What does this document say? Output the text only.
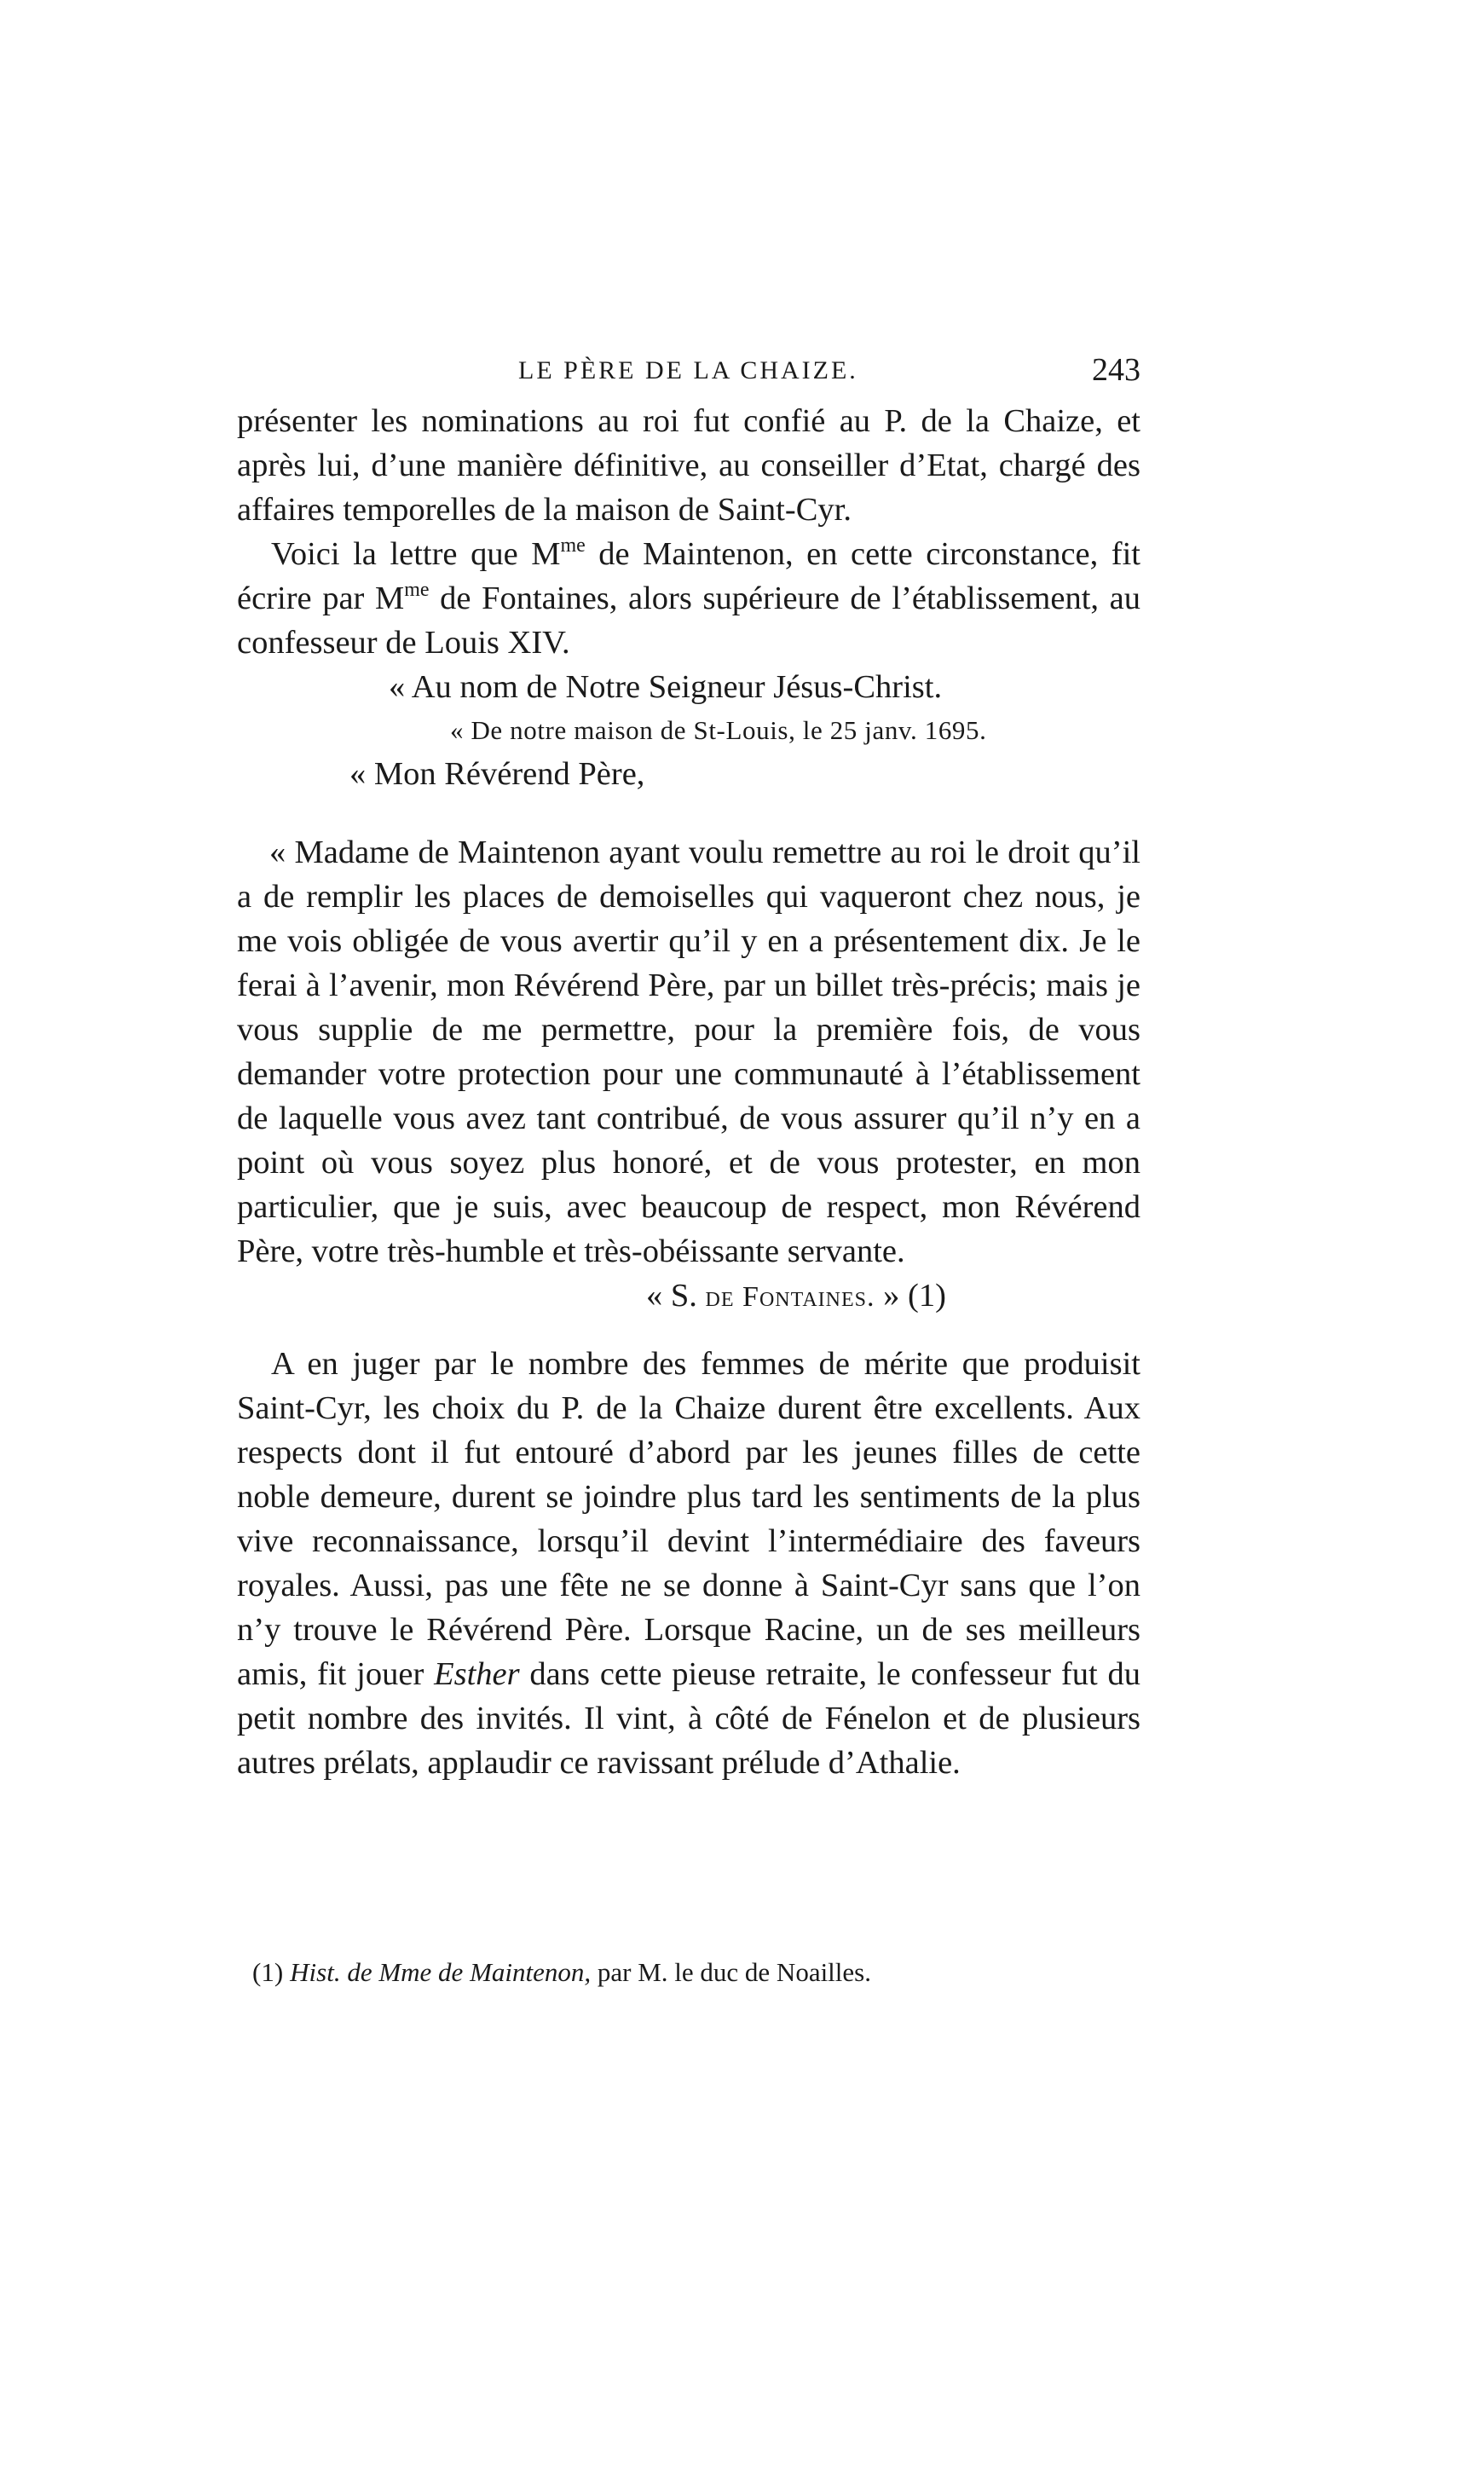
LE PÈRE DE LA CHAIZE.	243

présenter les nominations au roi fut confié au P. de la Chaize, et après lui, d’une manière définitive, au conseiller d’Etat, chargé des affaires temporelles de la maison de Saint-Cyr.

Voici la lettre que $M^{me}$ de Maintenon, en cette circonstance, fit écrire par $M^{me}$ de Fontaines, alors supérieure de l’établissement, au confesseur de Louis XIV.

« Au nom de Notre Seigneur Jésus-Christ.

« De notre maison de St-Louis, le 25 janv. 1695.

« Mon Révérend Père,

« Madame de Maintenon ayant voulu remettre au roi le droit qu’il a de remplir les places de demoiselles qui vaqueront chez nous, je me vois obligée de vous avertir qu’il y en a présentement dix. Je le ferai à l’avenir, mon Révérend Père, par un billet très-précis; mais je vous supplie de me permettre, pour la première fois, de vous demander votre protection pour une communauté à l’établissement de laquelle vous avez tant contribué, de vous assurer qu’il n’y en a point où vous soyez plus honoré, et de vous protester, en mon particulier, que je suis, avec beaucoup de respect, mon Révérend Père, votre très-humble et très-obéissante servante.

« S. de Fontaines. » (1)

A en juger par le nombre des femmes de mérite que produisit Saint-Cyr, les choix du P. de la Chaize durent être excellents. Aux respects dont il fut entouré d’abord par les jeunes filles de cette noble demeure, durent se joindre plus tard les sentiments de la plus vive reconnaissance, lorsqu’il devint l’intermédiaire des faveurs royales. Aussi, pas une fête ne se donne à Saint-Cyr sans que l’on n’y trouve le Révérend Père. Lorsque Racine, un de ses meilleurs amis, fit jouer Esther dans cette pieuse retraite, le confesseur fut du petit nombre des invités. Il vint, à côté de Fénelon et de plusieurs autres prélats, applaudir ce ravissant prélude d’Athalie.

(1) Hist. de Mme de Maintenon, par M. le duc de Noailles.
